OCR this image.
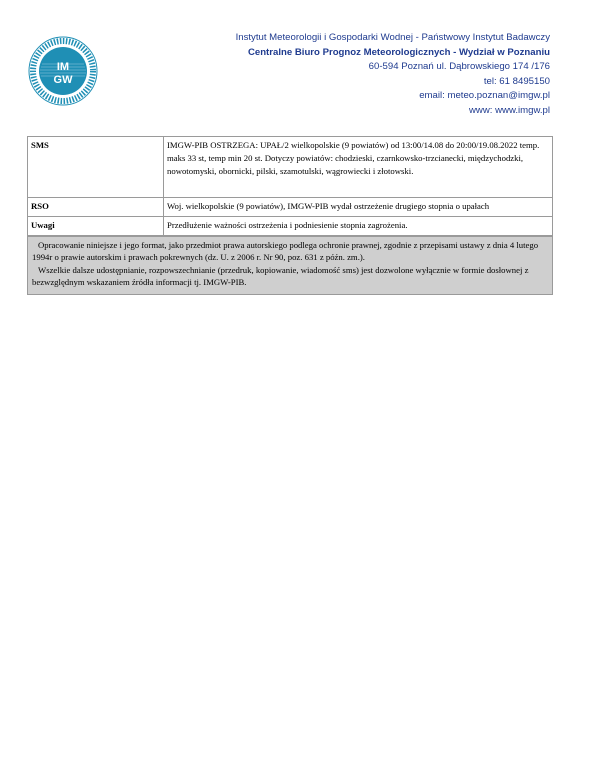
IM
GW
Instytut Meteorologii i Gospodarki Wodnej - Państwowy Instytut Badawczy
Centralne Biuro Prognoz Meteorologicznych - Wydział w Poznaniu
60-594 Poznań ul. Dąbrowskiego 174 /176
tel: 61 8495150
email: meteo.poznan@imgw.pl
www: www.imgw.pl
SMS	IMGW-PIB OSTRZEGA: UPAŁ/2 wielkopolskie (9 powiatów) od 13:00/14.08 do 20:00/19.08.2022 temp. maks 33 st, temp min 20 st. Dotyczy powiatów: chodzieski, czarnkowsko-trzcianecki, międzychodzki, nowotomyski, obornicki, pilski, szamotulski, wągrowiecki i złotowski.
RSO	Woj. wielkopolskie (9 powiatów), IMGW-PIB wydał ostrzeżenie drugiego stopnia o upałach
Uwagi	Przedłużenie ważności ostrzeżenia i podniesienie stopnia zagrożenia.

Opracowanie niniejsze i jego format, jako przedmiot prawa autorskiego podlega ochronie prawnej, zgodnie z przepisami ustawy z dnia 4 lutego 1994r o prawie autorskim i prawach pokrewnych (dz. U. z 2006 r. Nr 90, poz. 631 z późn. zm.).

Wszelkie dalsze udostępnianie, rozpowszechnianie (przedruk, kopiowanie, wiadomość sms) jest dozwolone wyłącznie w formie dosłownej z bezwzględnym wskazaniem źródła informacji tj. IMGW-PIB.
